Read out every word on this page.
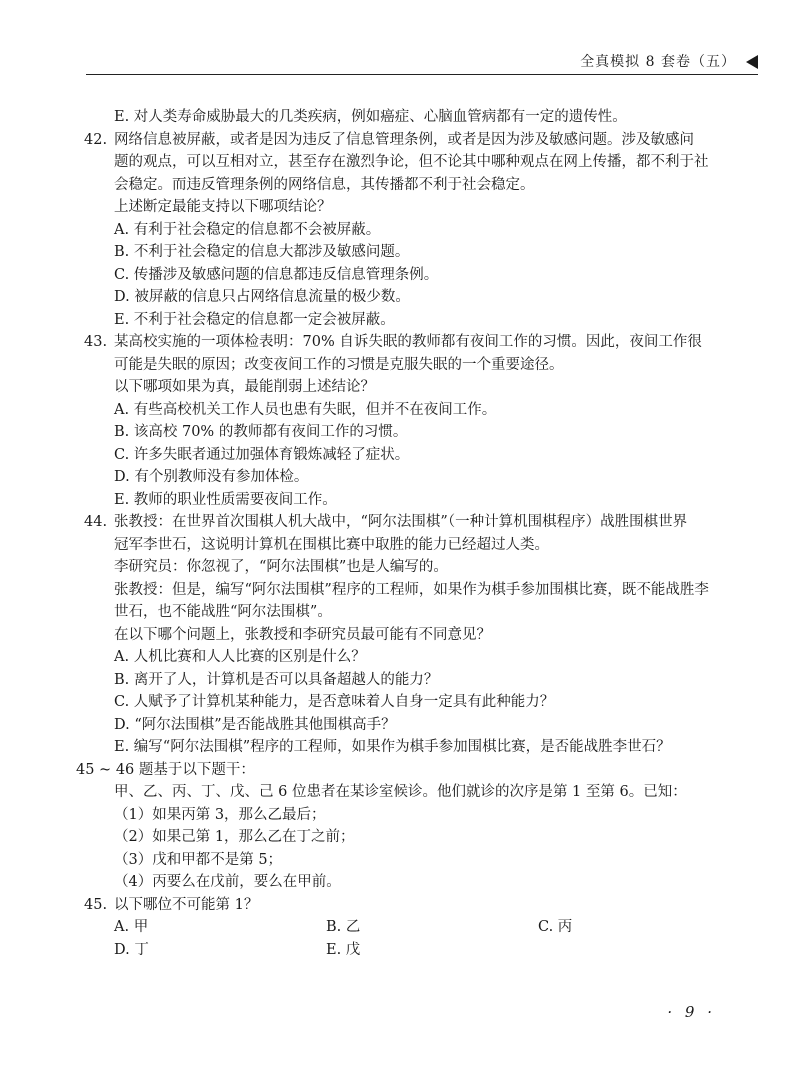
全真模拟 8 套卷（五）
E. 对人类寿命威胁最大的几类疾病，例如癌症、心脑血管病都有一定的遗传性。
42. 网络信息被屏蔽，或者是因为违反了信息管理条例，或者是因为涉及敏感问题。涉及敏感问
题的观点，可以互相对立，甚至存在激烈争论，但不论其中哪种观点在网上传播，都不利于社
会稳定。而违反管理条例的网络信息，其传播都不利于社会稳定。
上述断定最能支持以下哪项结论？
A. 有利于社会稳定的信息都不会被屏蔽。
B. 不利于社会稳定的信息大都涉及敏感问题。
C. 传播涉及敏感问题的信息都违反信息管理条例。
D. 被屏蔽的信息只占网络信息流量的极少数。
E. 不利于社会稳定的信息都一定会被屏蔽。
43. 某高校实施的一项体检表明：70% 自诉失眠的教师都有夜间工作的习惯。因此，夜间工作很
可能是失眠的原因；改变夜间工作的习惯是克服失眠的一个重要途径。
以下哪项如果为真，最能削弱上述结论？
A. 有些高校机关工作人员也患有失眠，但并不在夜间工作。
B. 该高校 70% 的教师都有夜间工作的习惯。
C. 许多失眠者通过加强体育锻炼减轻了症状。
D. 有个别教师没有参加体检。
E. 教师的职业性质需要夜间工作。
44. 张教授：在世界首次围棋人机大战中，“阿尔法围棋”（一种计算机围棋程序）战胜围棋世界
冠军李世石，这说明计算机在围棋比赛中取胜的能力已经超过人类。
李研究员：你忽视了，“阿尔法围棋”也是人编写的。
张教授：但是，编写“阿尔法围棋”程序的工程师，如果作为棋手参加围棋比赛，既不能战胜李
世石，也不能战胜“阿尔法围棋”。
在以下哪个问题上，张教授和李研究员最可能有不同意见？
A. 人机比赛和人人比赛的区别是什么？
B. 离开了人，计算机是否可以具备超越人的能力？
C. 人赋予了计算机某种能力，是否意味着人自身一定具有此种能力？
D. “阿尔法围棋”是否能战胜其他围棋高手？
E. 编写“阿尔法围棋”程序的工程师，如果作为棋手参加围棋比赛，是否能战胜李世石？
45 ~ 46 题基于以下题干：
甲、乙、丙、丁、戊、己 6 位患者在某诊室候诊。他们就诊的次序是第 1 至第 6。已知：
（1）如果丙第 3，那么乙最后；
（2）如果己第 1，那么乙在丁之前；
（3）戊和甲都不是第 5；
（4）丙要么在戊前，要么在甲前。
45. 以下哪位不可能第 1？
A. 甲	B. 乙	C. 丙
D. 丁	E. 戊
· 9 ·
